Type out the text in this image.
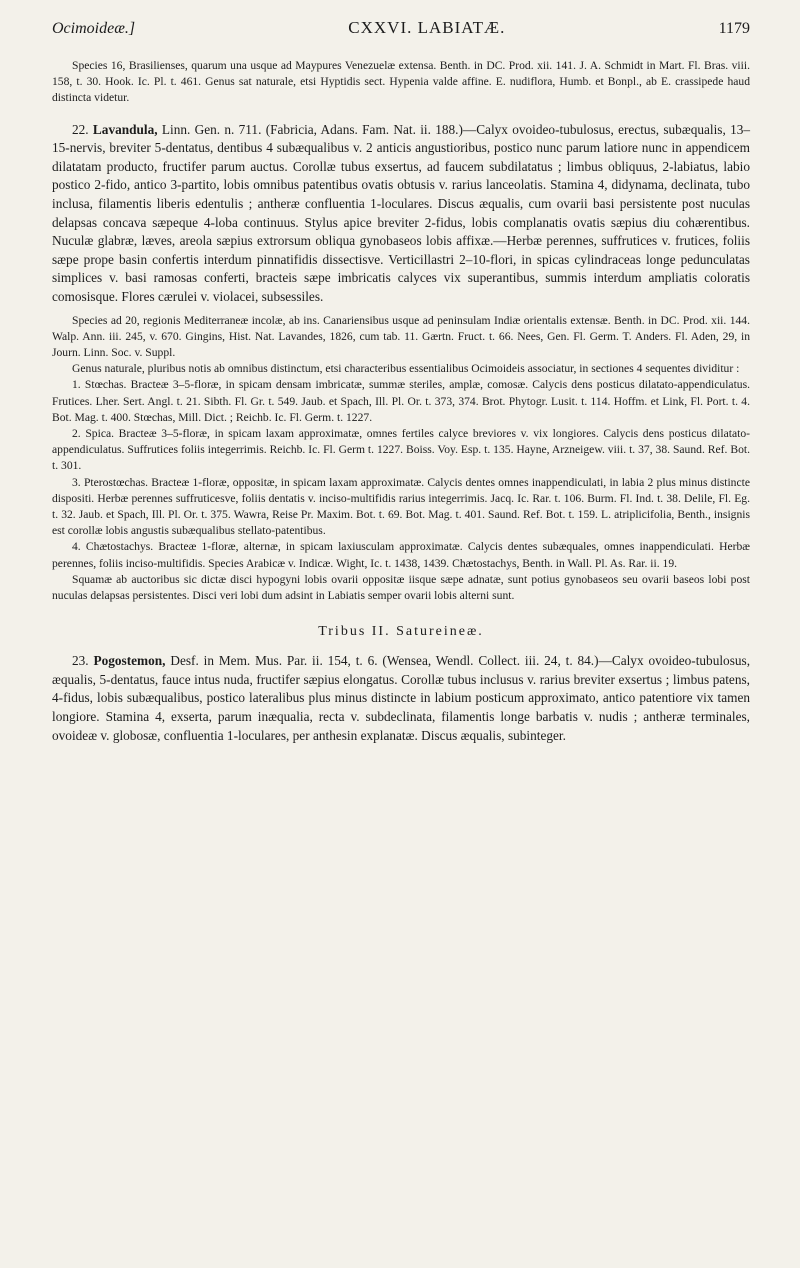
Ocimoideæ.]	CXXVI. LABIATÆ.	1179

Species 16, Brasilienses, quarum una usque ad Maypures Venezuelæ extensa. Benth. in DC. Prod. xii. 141. J. A. Schmidt in Mart. Fl. Bras. viii. 158, t. 30. Hook. Ic. Pl. t. 461. Genus sat naturale, etsi Hyptidis sect. Hypenia valde affine. E. nudiflora, Humb. et Bonpl., ab E. crassipede haud distincta videtur.

22. Lavandula, Linn. Gen. n. 711. (Fabricia, Adans. Fam. Nat. ii. 188.)—Calyx ovoideo-tubulosus, erectus, subæqualis, 13–15-nervis, breviter 5-dentatus, dentibus 4 subæqualibus v. 2 anticis angustioribus, postico nunc parum latiore nunc in appendicem dilatatam producto, fructifer parum auctus. Corollæ tubus exsertus, ad faucem subdilatatus ; limbus obliquus, 2-labiatus, labio postico 2-fido, antico 3-partito, lobis omnibus patentibus ovatis obtusis v. rarius lanceolatis. Stamina 4, didynama, declinata, tubo inclusa, filamentis liberis edentulis ; antheræ confluentia 1-loculares. Discus æqualis, cum ovarii basi persistente post nuculas delapsas concava sæpeque 4-loba continuus. Stylus apice breviter 2-fidus, lobis complanatis ovatis sæpius diu cohærentibus. Nuculæ glabræ, læves, areola sæpius extrorsum obliqua gynobaseos lobis affixæ.—Herbæ perennes, suffrutices v. frutices, foliis sæpe prope basin confertis interdum pinnatifidis dissectisve. Verticillastri 2–10-flori, in spicas cylindraceas longe pedunculatas simplices v. basi ramosas conferti, bracteis sæpe imbricatis calyces vix superantibus, summis interdum ampliatis coloratis comosisque. Flores cærulei v. violacei, subsessiles.

Species ad 20, regionis Mediterraneæ incolæ, ab ins. Canariensibus usque ad peninsulam Indiæ orientalis extensæ. Benth. in DC. Prod. xii. 144. Walp. Ann. iii. 245, v. 670. Gingins, Hist. Nat. Lavandes, 1826, cum tab. 11. Gærtn. Fruct. t. 66. Nees, Gen. Fl. Germ. T. Anders. Fl. Aden, 29, in Journ. Linn. Soc. v. Suppl.

Genus naturale, pluribus notis ab omnibus distinctum, etsi characteribus essentialibus Ocimoideis associatur, in sectiones 4 sequentes dividitur :

1. Stœchas. Bracteæ 3–5-floræ, in spicam densam imbricatæ, summæ steriles, amplæ, comosæ. Calycis dens posticus dilatato-appendiculatus. Frutices. Lher. Sert. Angl. t. 21. Sibth. Fl. Gr. t. 549. Jaub. et Spach, Ill. Pl. Or. t. 373, 374. Brot. Phytogr. Lusit. t. 114. Hoffm. et Link, Fl. Port. t. 4. Bot. Mag. t. 400. Stœchas, Mill. Dict. ; Reichb. Ic. Fl. Germ. t. 1227.
2. Spica. Bracteæ 3–5-floræ, in spicam laxam approximatæ, omnes fertiles calyce breviores v. vix longiores. Calycis dens posticus dilatato-appendiculatus. Suffrutices foliis integerrimis. Reichb. Ic. Fl. Germ t. 1227. Boiss. Voy. Esp. t. 135. Hayne, Arzneigew. viii. t. 37, 38. Saund. Ref. Bot. t. 301.
3. Pterostœchas. Bracteæ 1-floræ, oppositæ, in spicam laxam approximatæ. Calycis dentes omnes inappendiculati, in labia 2 plus minus distincte dispositi. Herbæ perennes suffruticesve, foliis dentatis v. inciso-multifidis rarius integerrimis. Jacq. Ic. Rar. t. 106. Burm. Fl. Ind. t. 38. Delile, Fl. Eg. t. 32. Jaub. et Spach, Ill. Pl. Or. t. 375. Wawra, Reise Pr. Maxim. Bot. t. 69. Bot. Mag. t. 401. Saund. Ref. Bot. t. 159. L. atriplicifolia, Benth., insignis est corollæ lobis angustis subæqualibus stellato-patentibus.
4. Chætostachys. Bracteæ 1-floræ, alternæ, in spicam laxiusculam approximatæ. Calycis dentes subæquales, omnes inappendiculati. Herbæ perennes, foliis inciso-multifidis. Species Arabicæ v. Indicæ. Wight, Ic. t. 1438, 1439. Chætostachys, Benth. in Wall. Pl. As. Rar. ii. 19.

Squamæ ab auctoribus sic dictæ disci hypogyni lobis ovarii oppositæ iisque sæpe adnatæ, sunt potius gynobaseos seu ovarii baseos lobi post nuculas delapsas persistentes. Disci veri lobi dum adsint in Labiatis semper ovarii lobis alterni sunt.

Tribus II. Satureineæ.

23. Pogostemon, Desf. in Mem. Mus. Par. ii. 154, t. 6. (Wensea, Wendl. Collect. iii. 24, t. 84.)—Calyx ovoideo-tubulosus, æqualis, 5-dentatus, fauce intus nuda, fructifer sæpius elongatus. Corollæ tubus inclusus v. rarius breviter exsertus ; limbus patens, 4-fidus, lobis subæqualibus, postico lateralibus plus minus distincte in labium posticum approximato, antico patentiore vix tamen longiore. Stamina 4, exserta, parum inæqualia, recta v. subdeclinata, filamentis longe barbatis v. nudis ; antheræ terminales, ovoideæ v. globosæ, confluentia 1-loculares, per anthesin explanatæ. Discus æqualis, subinteger.
